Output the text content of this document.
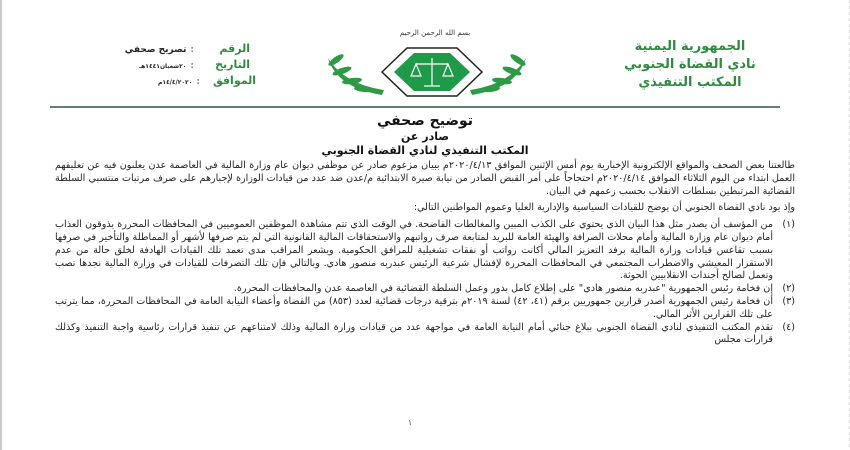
بسم الله الرحمن الرحيم
الجمهورية اليمنية
نادي القضاة الجنوبي
المكتب التنفيذي
الرقم
:
تصريح صحفي
التاريخ
:
٢٠شعبان١٤٤١هـ
الموافق
:
١٤/٤/٢٠٢٠م
توضيح صحفي
صادر عن
المكتب التنفيذي لنادي القضاة الجنوبي

طالعتنا بعض الصحف والمواقع الإلكترونية الإخبارية يوم أمس الإثنين الموافق ٢٠٢٠/٤/١٣م ببيان مزعوم صادر عن موظفي ديوان عام وزارة المالية في العاصمة عدن يعلنون فيه عن تعليقهم العمل ابتداء من اليوم الثلاثاء الموافق ٢٠٢٠/٤/١٤م احتجاجاً على أمر القبض الصادر من نيابة صيرة الابتدائية م/عدن ضد عدد من قيادات الوزارة لإجبارهم على صرف مرتبات منتسبي السلطة القضائية المرتبطين بسلطات الانقلاب بحسب زعمهم في البيان.

وإذ يود نادي القضاة الجنوبي أن يوضح للقيادات السياسية والإدارية العليا وعموم المواطنين التالي:

(١)
من المؤسف أن يصدر مثل هذا البيان الذي يحتوي على الكذب المبين والمغالطات الفاضحة. في الوقت الذي تتم مشاهدة الموظفين العموميين في المحافظات المحررة يذوقون العذاب أمام ديوان عام وزارة المالية وأمام محلات الصرافة والهيئة العامة للبريد لمتابعة صرف رواتبهم والاستحقاقات المالية القانونية التي لم يتم صرفها لأشهر أو المماطلة والتأخير في صرفها بسبب تقاعس قيادات وزارة المالية برفد التعزيز المالي أكانت رواتب أو نفقات تشغيلية للمرافق الحكومية. ويشعر المراقب مدى تعمد تلك القيادات الهادفة لخلق حالة من عدم الاستقرار المعيشي والاضطراب المجتمعي في المحافظات المحررة لإفشال شرعية الرئيس عبدربه منصور هادي. وبالتالي فإن تلك التصرفات للقيادات في وزارة المالية نجدها تصب وتعمل لصالح أجندات الانقلابيين الحوثة.
(٢)
إن فخامة رئيس الجمهورية "عبدربه منصور هادي" على إطلاع كامل بدور وعمل السلطة القضائية في العاصمة عدن والمحافظات المحررة.
(٣)
أن فخامة رئيس الجمهورية أصدر قرارين جمهوريين برقم (٤١، ٤٢) لسنة ٢٠١٩م بترقية درجات قضائية لعدد (٨٥٣) من القضاة وأعضاء النيابة العامة في المحافظات المحررة، مما يترتب على تلك القرارين الأثر المالي.
(٤)
تقدم المكتب التنفيذي لنادي القضاة الجنوبي ببلاغ جنائي أمام النيابة العامة في مواجهة عدد من قيادات وزارة المالية وذلك لامتناعهم عن تنفيذ قرارات رئاسية واجبة التنفيذ وكذلك قرارات مجلس
١
